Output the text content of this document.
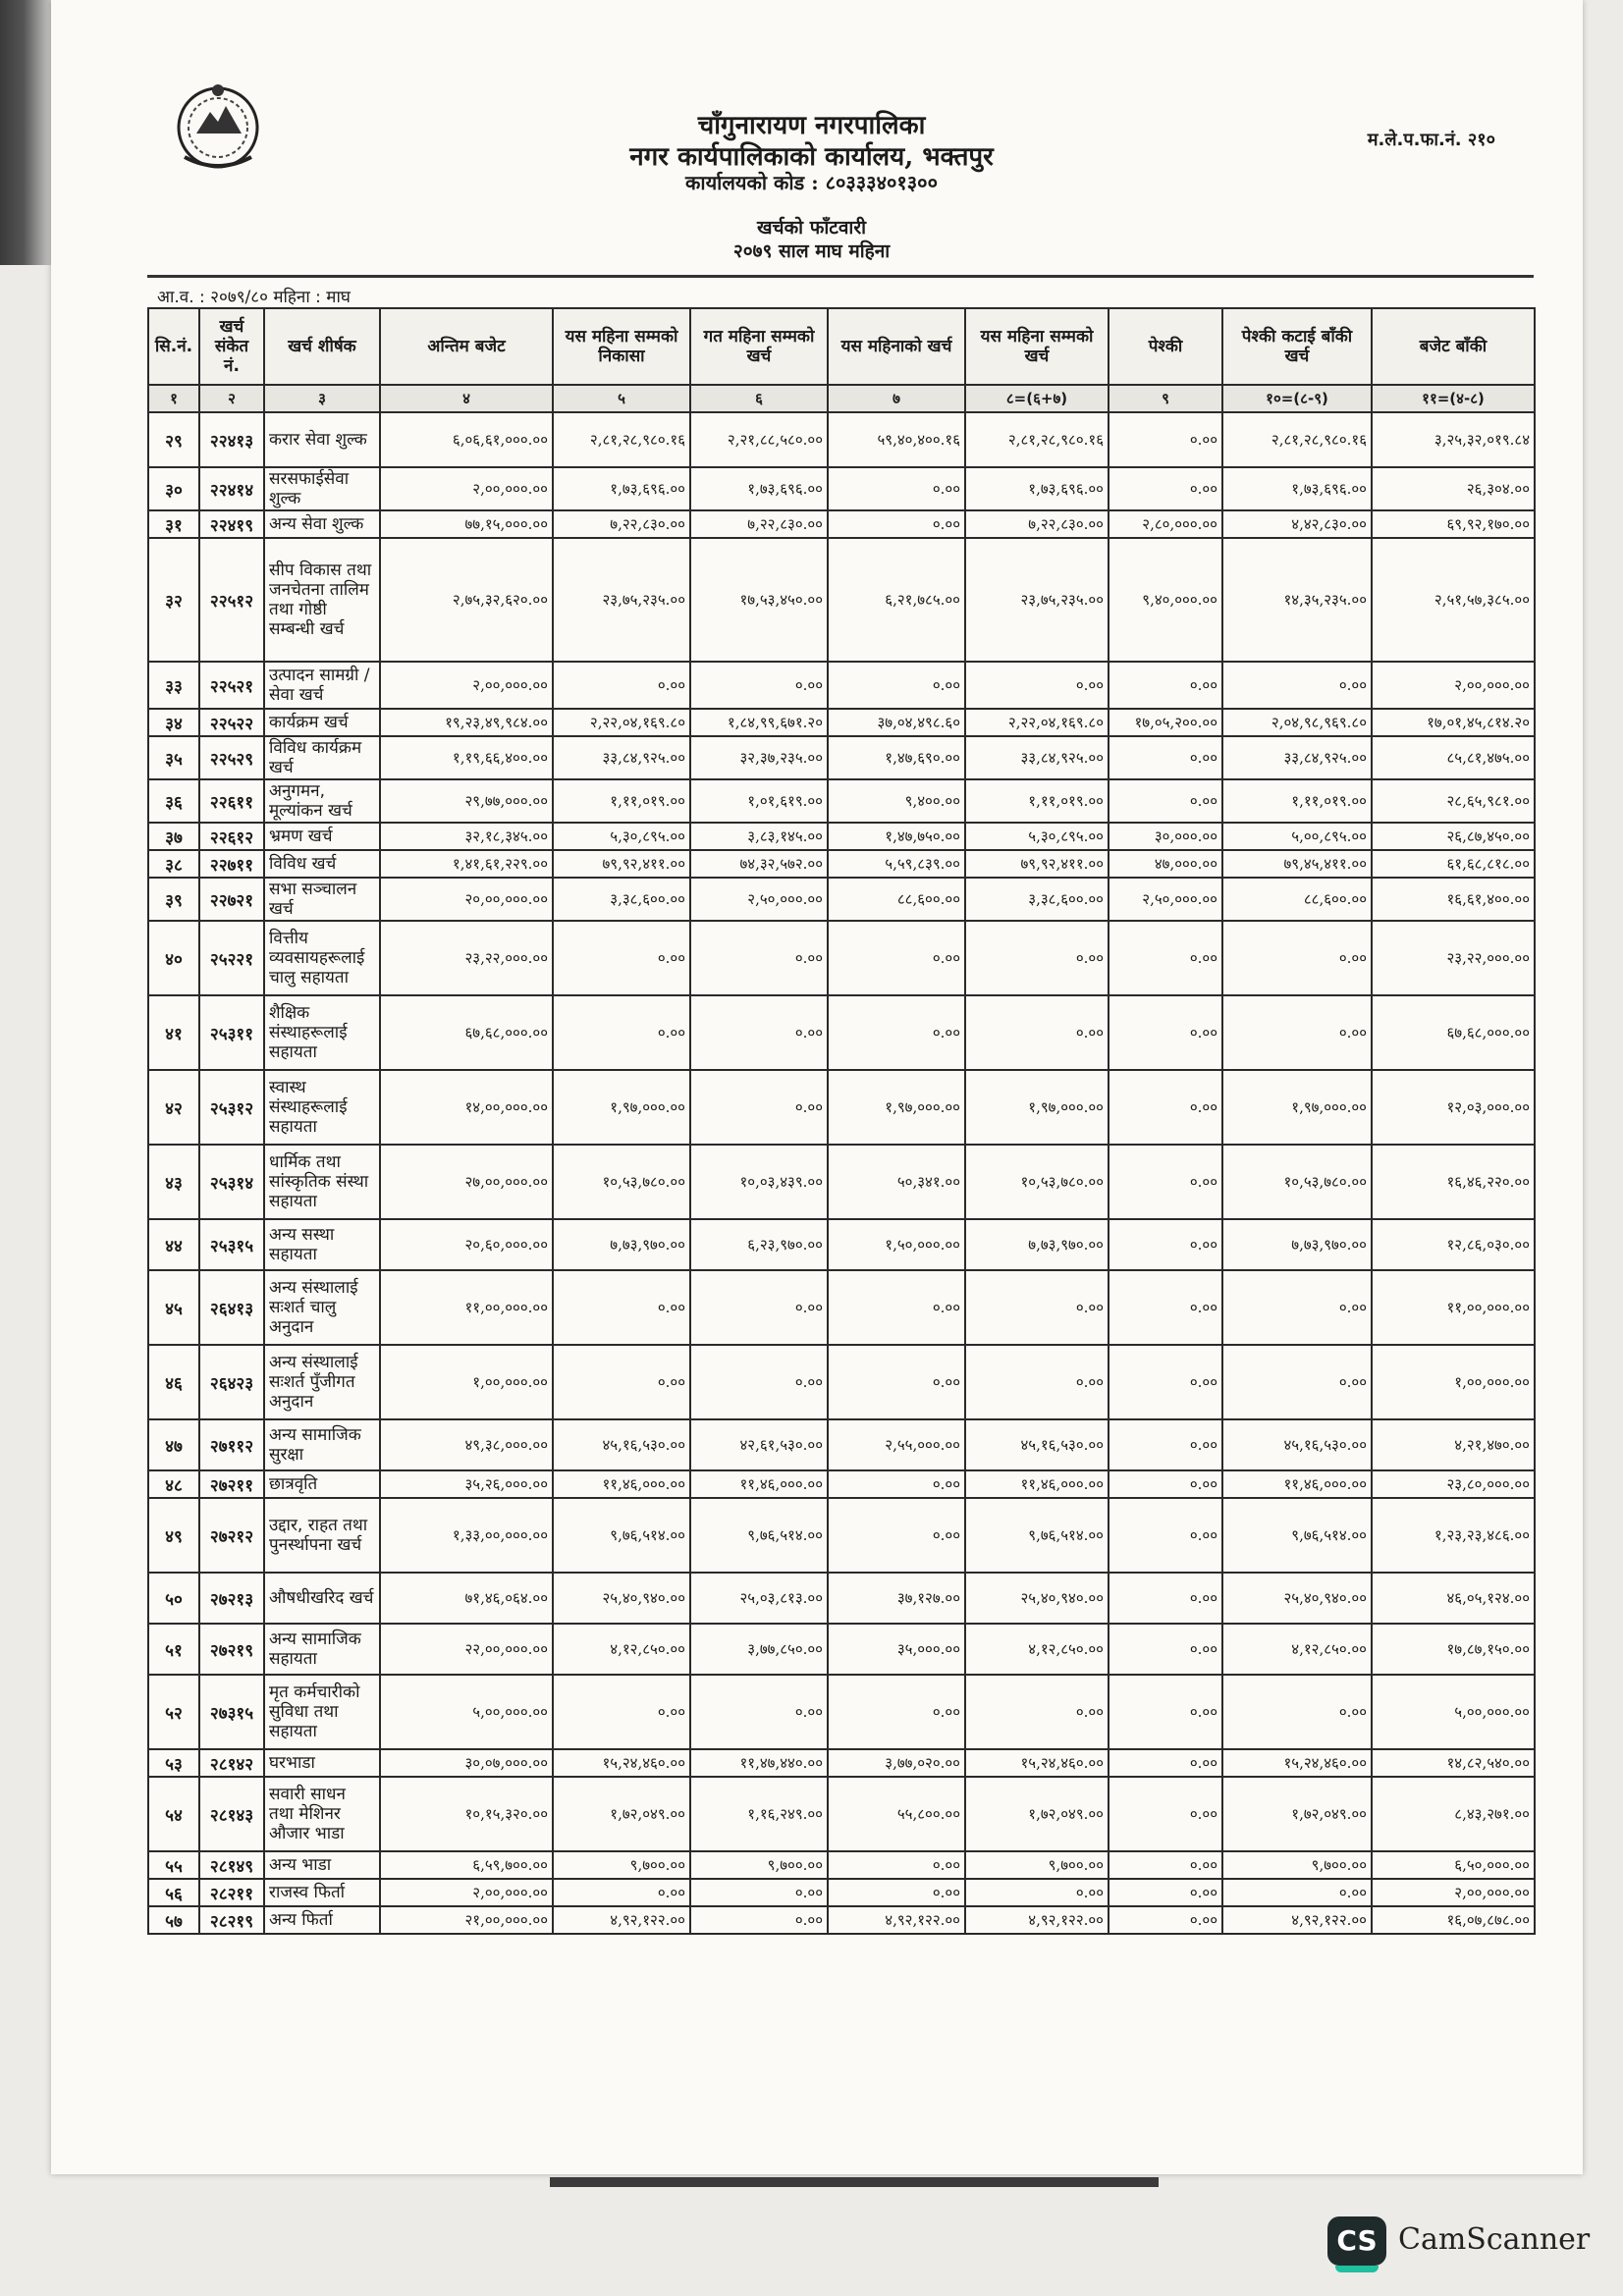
चाँगुनारायण नगरपालिका
नगर कार्यपालिकाको कार्यालय, भक्तपुर
कार्यालयको कोड : ८०३३३४०१३००
म.ले.प.फा.नं. २१०
खर्चको फाँटवारी
२०७९ साल माघ महिना
आ.व. : २०७९/८० महिना : माघ
सि.नं.	खर्च संकेत नं.	खर्च शीर्षक	अन्तिम बजेट	यस महिना सम्मको निकासा	गत महिना सम्मको खर्च	यस महिनाको खर्च	यस महिना सम्मको खर्च	पेश्की	पेश्की कटाई बाँकी खर्च	बजेट बाँकी
१	२	३	४	५	६	७	८=(६+७)	९	१०=(८-९)	११=(४-८)
२९	२२४१३	करार सेवा शुल्क	६,०६,६१,०००.००	२,८१,२८,९८०.१६	२,२१,८८,५८०.००	५९,४०,४००.१६	२,८१,२८,९८०.१६	०.००	२,८१,२८,९८०.१६	३,२५,३२,०१९.८४
३०	२२४१४	सरसफाईसेवा शुल्क	२,००,०००.००	१,७३,६९६.००	१,७३,६९६.००	०.००	१,७३,६९६.००	०.००	१,७३,६९६.००	२६,३०४.००
३१	२२४१९	अन्य सेवा शुल्क	७७,१५,०००.००	७,२२,८३०.००	७,२२,८३०.००	०.००	७,२२,८३०.००	२,८०,०००.००	४,४२,८३०.००	६९,९२,१७०.००
३२	२२५१२	सीप विकास तथा जनचेतना तालिम तथा गोष्ठी सम्बन्धी खर्च	२,७५,३२,६२०.००	२३,७५,२३५.००	१७,५३,४५०.००	६,२१,७८५.००	२३,७५,२३५.००	९,४०,०००.००	१४,३५,२३५.००	२,५१,५७,३८५.००
३३	२२५२१	उत्पादन सामग्री / सेवा खर्च	२,००,०००.००	०.००	०.००	०.००	०.००	०.००	०.००	२,००,०००.००
३४	२२५२२	कार्यक्रम खर्च	१९,२३,४९,९८४.००	२,२२,०४,१६९.८०	१,८४,९९,६७१.२०	३७,०४,४९८.६०	२,२२,०४,१६९.८०	१७,०५,२००.००	२,०४,९८,९६९.८०	१७,०१,४५,८१४.२०
३५	२२५२९	विविध कार्यक्रम खर्च	१,१९,६६,४००.००	३३,८४,९२५.००	३२,३७,२३५.००	१,४७,६९०.००	३३,८४,९२५.००	०.००	३३,८४,९२५.००	८५,८१,४७५.००
३६	२२६११	अनुगमन, मूल्यांकन खर्च	२९,७७,०००.००	१,११,०१९.००	१,०१,६१९.००	९,४००.००	१,११,०१९.००	०.००	१,११,०१९.००	२८,६५,९८१.००
३७	२२६१२	भ्रमण खर्च	३२,१८,३४५.००	५,३०,८९५.००	३,८३,१४५.००	१,४७,७५०.००	५,३०,८९५.००	३०,०००.००	५,००,८९५.००	२६,८७,४५०.००
३८	२२७११	विविध खर्च	१,४१,६१,२२९.००	७९,९२,४११.००	७४,३२,५७२.००	५,५९,८३९.००	७९,९२,४११.००	४७,०००.००	७९,४५,४११.००	६१,६८,८१८.००
३९	२२७२१	सभा सञ्चालन खर्च	२०,००,०००.००	३,३८,६००.००	२,५०,०००.००	८८,६००.००	३,३८,६००.००	२,५०,०००.००	८८,६००.००	१६,६१,४००.००
४०	२५२२१	वित्तीय व्यवसायहरूलाई चालु सहायता	२३,२२,०००.००	०.००	०.००	०.००	०.००	०.००	०.००	२३,२२,०००.००
४१	२५३११	शैक्षिक संस्थाहरूलाई सहायता	६७,६८,०००.००	०.००	०.००	०.००	०.००	०.००	०.००	६७,६८,०००.००
४२	२५३१२	स्वास्थ संस्थाहरूलाई सहायता	१४,००,०००.००	१,९७,०००.००	०.००	१,९७,०००.००	१,९७,०००.००	०.००	१,९७,०००.००	१२,०३,०००.००
४३	२५३१४	धार्मिक तथा सांस्कृतिक संस्था सहायता	२७,००,०००.००	१०,५३,७८०.००	१०,०३,४३९.००	५०,३४१.००	१०,५३,७८०.००	०.००	१०,५३,७८०.००	१६,४६,२२०.००
४४	२५३१५	अन्य सस्था सहायता	२०,६०,०००.००	७,७३,९७०.००	६,२३,९७०.००	१,५०,०००.००	७,७३,९७०.००	०.००	७,७३,९७०.००	१२,८६,०३०.००
४५	२६४१३	अन्य संस्थालाई सःशर्त चालु अनुदान	११,००,०००.००	०.००	०.००	०.००	०.००	०.००	०.००	११,००,०००.००
४६	२६४२३	अन्य संस्थालाई सःशर्त पुँजीगत अनुदान	१,००,०००.००	०.००	०.००	०.००	०.००	०.००	०.००	१,००,०००.००
४७	२७११२	अन्य सामाजिक सुरक्षा	४९,३८,०००.००	४५,१६,५३०.००	४२,६१,५३०.००	२,५५,०००.००	४५,१६,५३०.००	०.००	४५,१६,५३०.००	४,२१,४७०.००
४८	२७२११	छात्रवृति	३५,२६,०००.००	११,४६,०००.००	११,४६,०००.००	०.००	११,४६,०००.००	०.००	११,४६,०००.००	२३,८०,०००.००
४९	२७२१२	उद्दार, राहत तथा पुनर्स्थापना खर्च	१,३३,००,०००.००	९,७६,५१४.००	९,७६,५१४.००	०.००	९,७६,५१४.००	०.००	९,७६,५१४.००	१,२३,२३,४८६.००
५०	२७२१३	औषधीखरिद खर्च	७१,४६,०६४.००	२५,४०,९४०.००	२५,०३,८१३.००	३७,१२७.००	२५,४०,९४०.००	०.००	२५,४०,९४०.००	४६,०५,१२४.००
५१	२७२१९	अन्य सामाजिक सहायता	२२,००,०००.००	४,१२,८५०.००	३,७७,८५०.००	३५,०००.००	४,१२,८५०.००	०.००	४,१२,८५०.००	१७,८७,१५०.००
५२	२७३१५	मृत कर्मचारीको सुविधा तथा सहायता	५,००,०००.००	०.००	०.००	०.००	०.००	०.००	०.००	५,००,०००.००
५३	२८१४२	घरभाडा	३०,०७,०००.००	१५,२४,४६०.००	११,४७,४४०.००	३,७७,०२०.००	१५,२४,४६०.००	०.००	१५,२४,४६०.००	१४,८२,५४०.००
५४	२८१४३	सवारी साधन तथा मेशिनर औजार भाडा	१०,१५,३२०.००	१,७२,०४९.००	१,१६,२४९.००	५५,८००.००	१,७२,०४९.००	०.००	१,७२,०४९.००	८,४३,२७१.००
५५	२८१४९	अन्य भाडा	६,५९,७००.००	९,७००.००	९,७००.००	०.००	९,७००.००	०.००	९,७००.००	६,५०,०००.००
५६	२८२११	राजस्व फिर्ता	२,००,०००.००	०.००	०.००	०.००	०.००	०.००	०.००	२,००,०००.००
५७	२८२१९	अन्य फिर्ता	२१,००,०००.००	४,९२,१२२.००	०.००	४,९२,१२२.००	४,९२,१२२.००	०.००	४,९२,१२२.००	१६,०७,८७८.००
CS CamScanner
